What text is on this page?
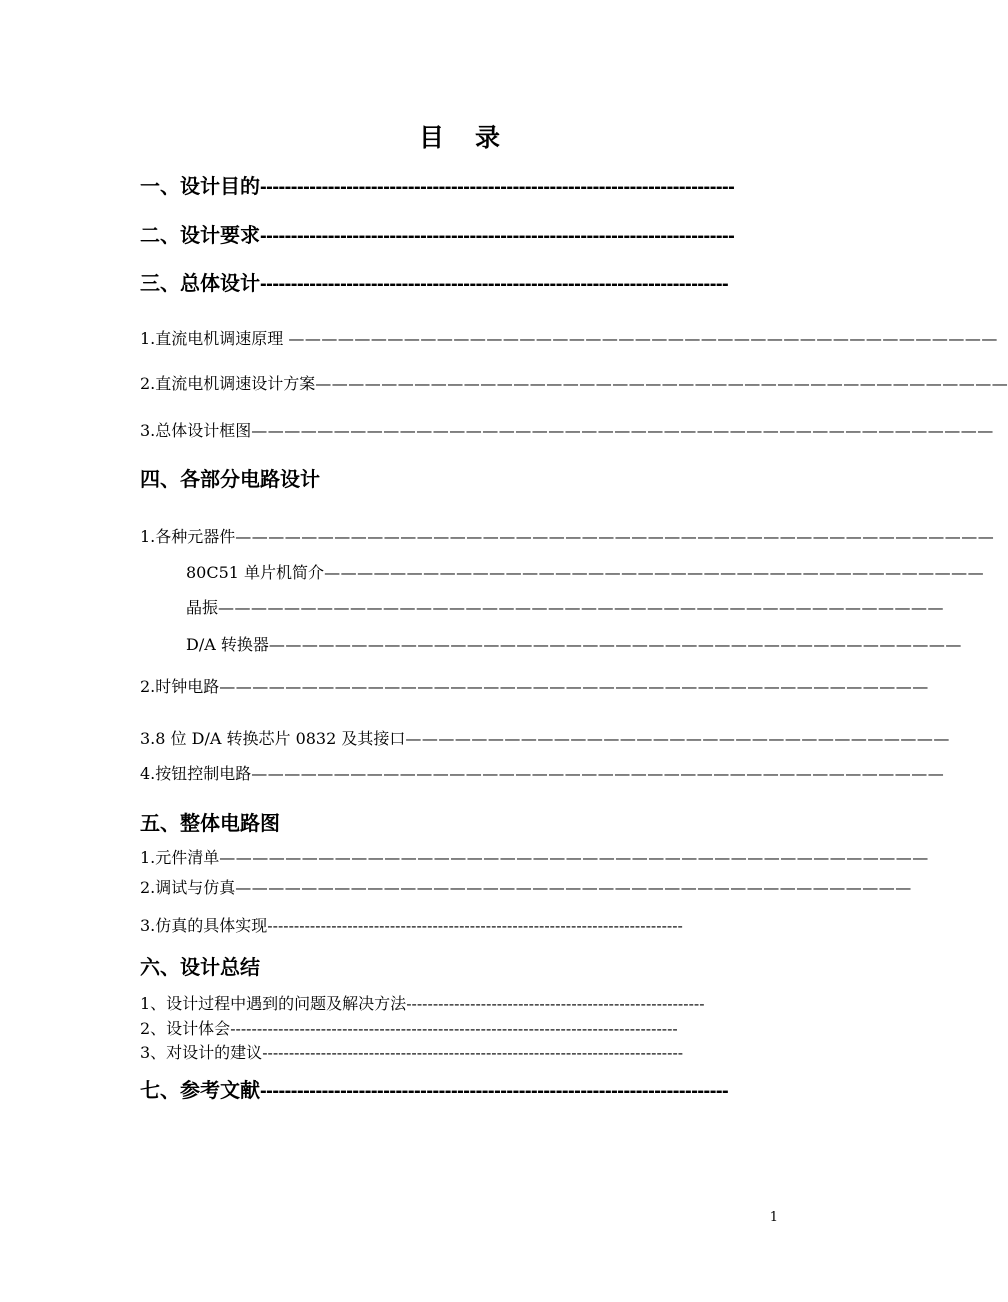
目 录
一、设计目的-----------------------------------------------------------------------------
二、设计要求-----------------------------------------------------------------------------
三、总体设计----------------------------------------------------------------------------
1.直流电机调速原理 ———————————————————————————————————————————
2.直流电机调速设计方案——————————————————————————————————————————
3.总体设计框图—————————————————————————————————————————————
四、各部分电路设计
1.各种元器件——————————————————————————————————————————————
80C51 单片机简介————————————————————————————————————————
晶振————————————————————————————————————————————
D/A 转换器——————————————————————————————————————————
2.时钟电路———————————————————————————————————————————
3.8 位 D/A 转换芯片 0832 及其接口—————————————————————————————————
4.按钮控制电路——————————————————————————————————————————
五、整体电路图
1.元件清单———————————————————————————————————————————
2.调试与仿真—————————————————————————————————————————
3.仿真的具体实现------------------------------------------------------------------------------
六、设计总结
1、设计过程中遇到的问题及解决方法--------------------------------------------------------
2、设计体会------------------------------------------------------------------------------------
3、对设计的建议-------------------------------------------------------------------------------
七、参考文献----------------------------------------------------------------------------
1
